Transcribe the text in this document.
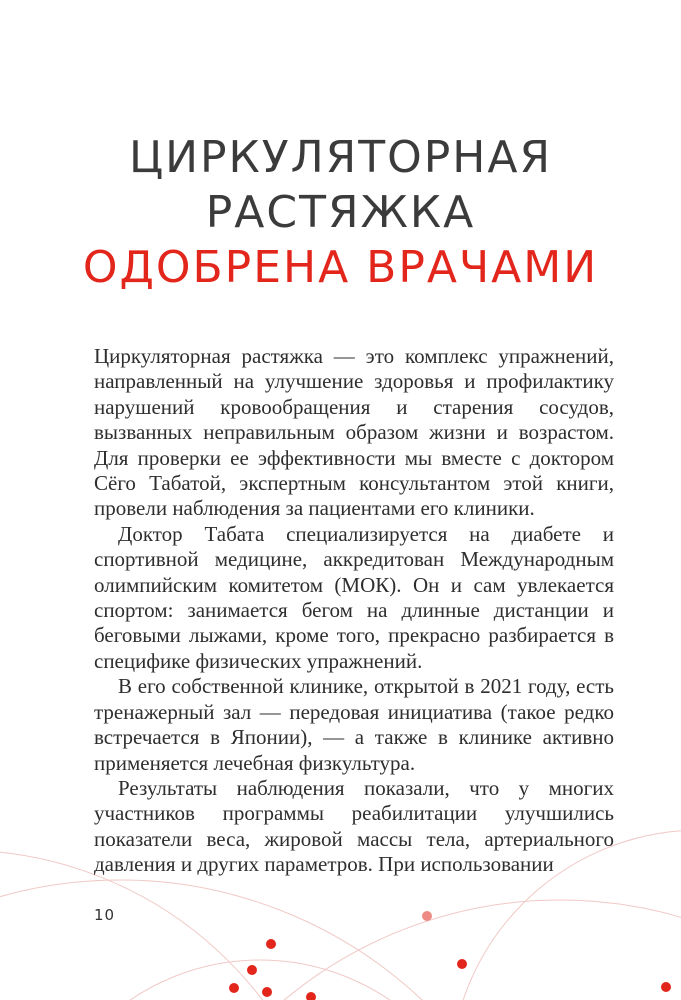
ЦИРКУЛЯТОРНАЯ
РАСТЯЖКА
ОДОБРЕНА ВРАЧАМИ

Циркуляторная растяжка — это комплекс упражнений, направленный на улучшение здоровья и профилактику нарушений кровообращения и старения сосудов, вызванных неправильным образом жизни и возрастом. Для проверки ее эффективности мы вместе с доктором Сёго Табатой, экспертным консультантом этой книги, провели наблюдения за пациентами его клиники.

Доктор Табата специализируется на диабете и спортивной медицине, аккредитован Международным олимпийским комитетом (МОК). Он и сам увлекается спортом: занимается бегом на длинные дистанции и беговыми лыжами, кроме того, прекрасно разбирается в специфике физических упражнений.

В его собственной клинике, открытой в 2021 году, есть тренажерный зал — передовая инициатива (такое редко встречается в Японии), — а также в клинике активно применяется лечебная физкультура.

Результаты наблюдения показали, что у многих участников программы реабилитации улучшились показатели веса, жировой массы тела, артериального давления и других параметров. При использовании

10
